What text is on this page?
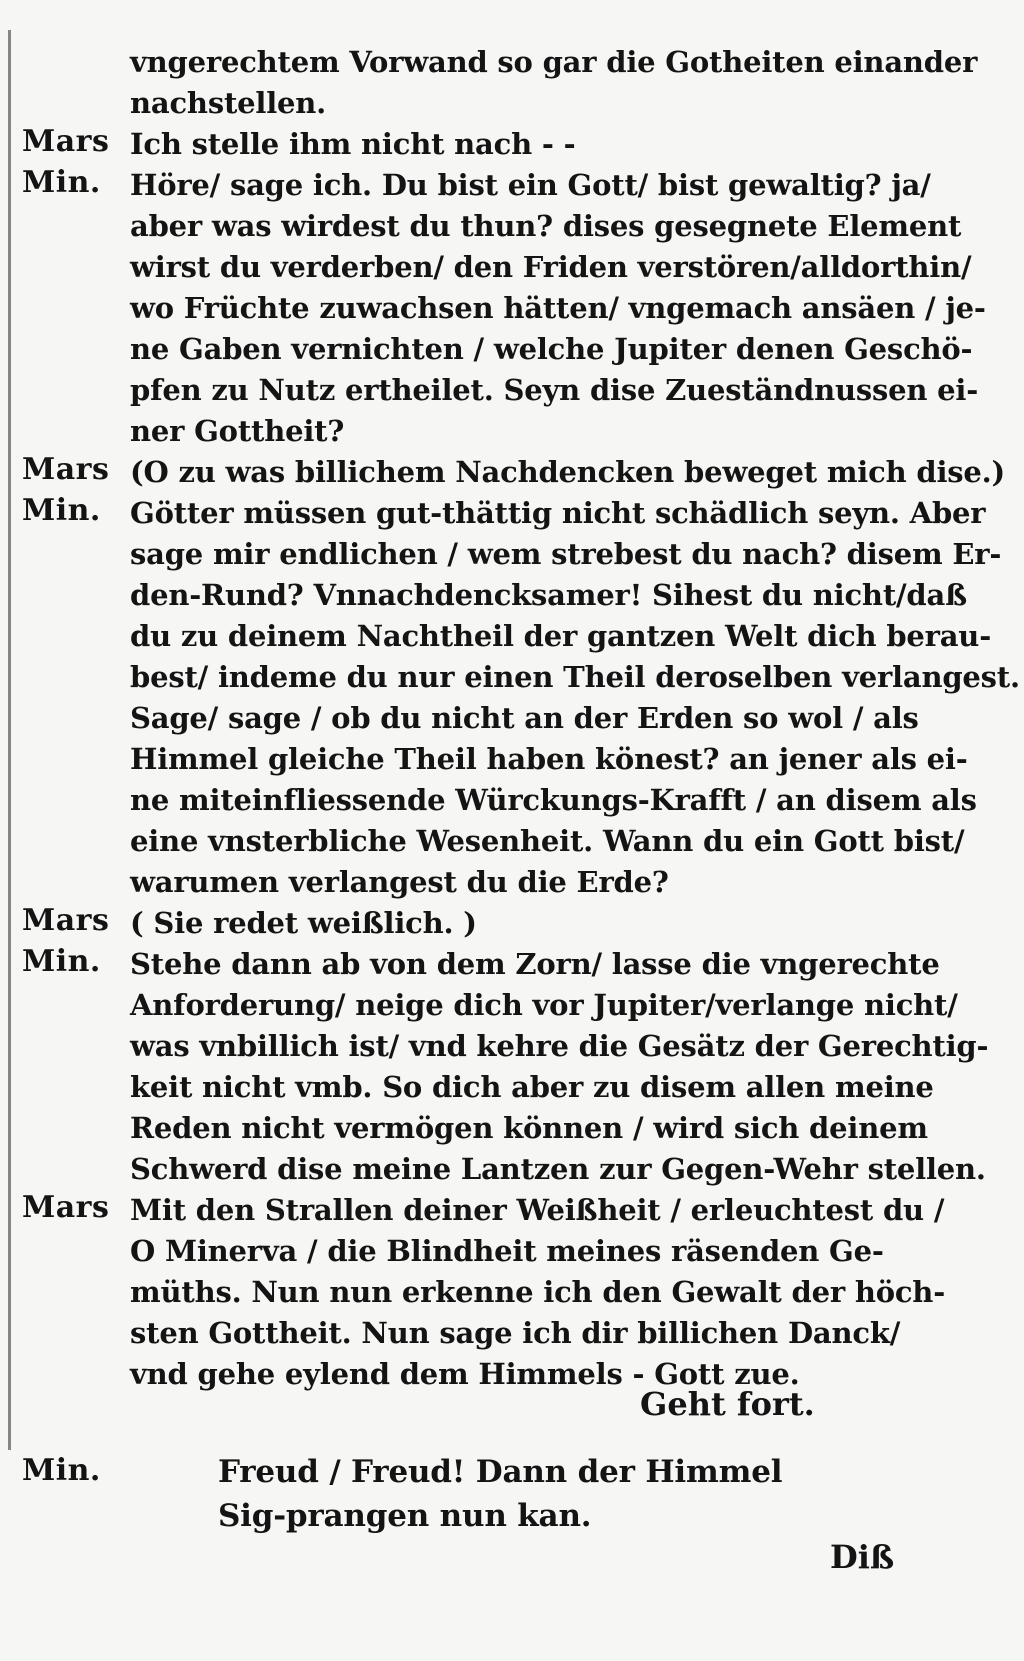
vngerechtem Vorwand so gar die Gotheiten einander
nachstellen.
Mars Ich stelle ihm nicht nach - -
Min.	Höre/ sage ich. Du bist ein Gott/ bist gewaltig? ja/
aber was wirdest du thun? dises gesegnete Element
wirst du verderben/ den Friden verstören/alldorthin/
wo Früchte zuwachsen hätten/ vngemach ansäen / je-
ne Gaben vernichten / welche Jupiter denen Geschö-
pfen zu Nutz ertheilet. Seyn dise Zueständnussen ei-
ner Gottheit?
Mars (O zu was billichem Nachdencken beweget mich dise.)
Min.	Götter müssen gut-thättig nicht schädlich seyn. Aber
sage mir endlichen / wem strebest du nach? disem Er-
den-Rund? Vnnachdencksamer! Sihest du nicht/daß
du zu deinem Nachtheil der gantzen Welt dich berau-
best/ indeme du nur einen Theil deroselben verlangest.
Sage/ sage / ob du nicht an der Erden so wol / als
Himmel gleiche Theil haben könest? an jener als ei-
ne miteinfliessende Würckungs-Krafft / an disem als
eine vnsterbliche Wesenheit. Wann du ein Gott bist/
warumen verlangest du die Erde?
Mars ( Sie redet weißlich. )
Min.	Stehe dann ab von dem Zorn/ lasse die vngerechte
Anforderung/ neige dich vor Jupiter/verlange nicht/
was vnbillich ist/ vnd kehre die Gesätz der Gerechtig-
keit nicht vmb. So dich aber zu disem allen meine
Reden nicht vermögen können / wird sich deinem
Schwerd dise meine Lantzen zur Gegen-Wehr stellen.
Mars Mit den Strallen deiner Weißheit / erleuchtest du /
O Minerva / die Blindheit meines räsenden Ge-
müths. Nun nun erkenne ich den Gewalt der höch-
sten Gottheit. Nun sage ich dir billichen Danck/
vnd gehe eylend dem Himmels - Gott zue.
Geht fort.
Min.	Freud / Freud! Dann der Himmel
Sig-prangen nun kan.
Diß
